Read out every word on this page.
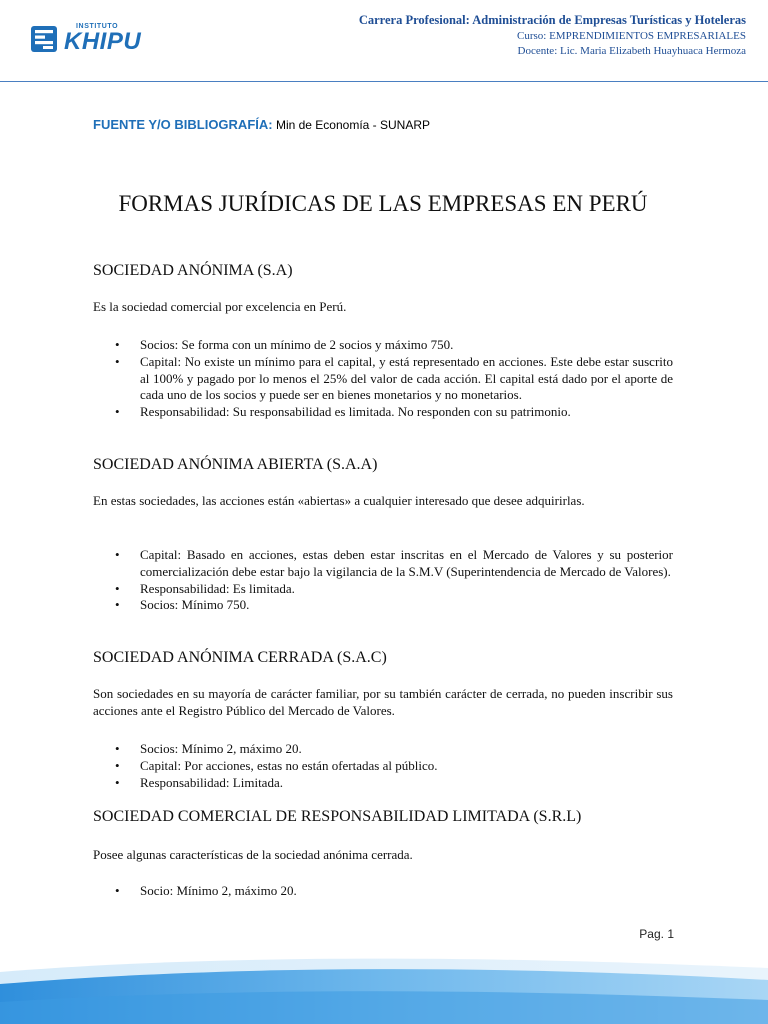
INSTITUTO
KHIPU
Carrera Profesional: Administración de Empresas Turísticas y Hoteleras
Curso: EMPRENDIMIENTOS EMPRESARIALES
Docente: Lic. Maria Elizabeth Huayhuaca Hermoza
FUENTE Y/O BIBLIOGRAFÍA: Min de Economía - SUNARP
FORMAS JURÍDICAS DE LAS EMPRESAS EN PERÚ
SOCIEDAD ANÓNIMA (S.A)
Es la sociedad comercial por excelencia en Perú.
• Socios: Se forma con un mínimo de 2 socios y máximo 750.
• Capital: No existe un mínimo para el capital, y está representado en acciones. Este debe estar suscrito al 100% y pagado por lo menos el 25% del valor de cada acción. El capital está dado por el aporte de cada uno de los socios y puede ser en bienes monetarios y no monetarios.
• Responsabilidad: Su responsabilidad es limitada. No responden con su patrimonio.
SOCIEDAD ANÓNIMA ABIERTA (S.A.A)
En estas sociedades, las acciones están «abiertas» a cualquier interesado que desee adquirirlas.
• Capital: Basado en acciones, estas deben estar inscritas en el Mercado de Valores y su posterior comercialización debe estar bajo la vigilancia de la S.M.V (Superintendencia de Mercado de Valores).
• Responsabilidad: Es limitada.
• Socios: Mínimo 750.
SOCIEDAD ANÓNIMA CERRADA (S.A.C)
Son sociedades en su mayoría de carácter familiar, por su también carácter de cerrada, no pueden inscribir sus acciones ante el Registro Público del Mercado de Valores.
• Socios: Mínimo 2, máximo 20.
• Capital: Por acciones, estas no están ofertadas al público.
• Responsabilidad: Limitada.
SOCIEDAD COMERCIAL DE RESPONSABILIDAD LIMITADA (S.R.L)
Posee algunas características de la sociedad anónima cerrada.
• Socio: Mínimo 2, máximo 20.
Pag. 1
